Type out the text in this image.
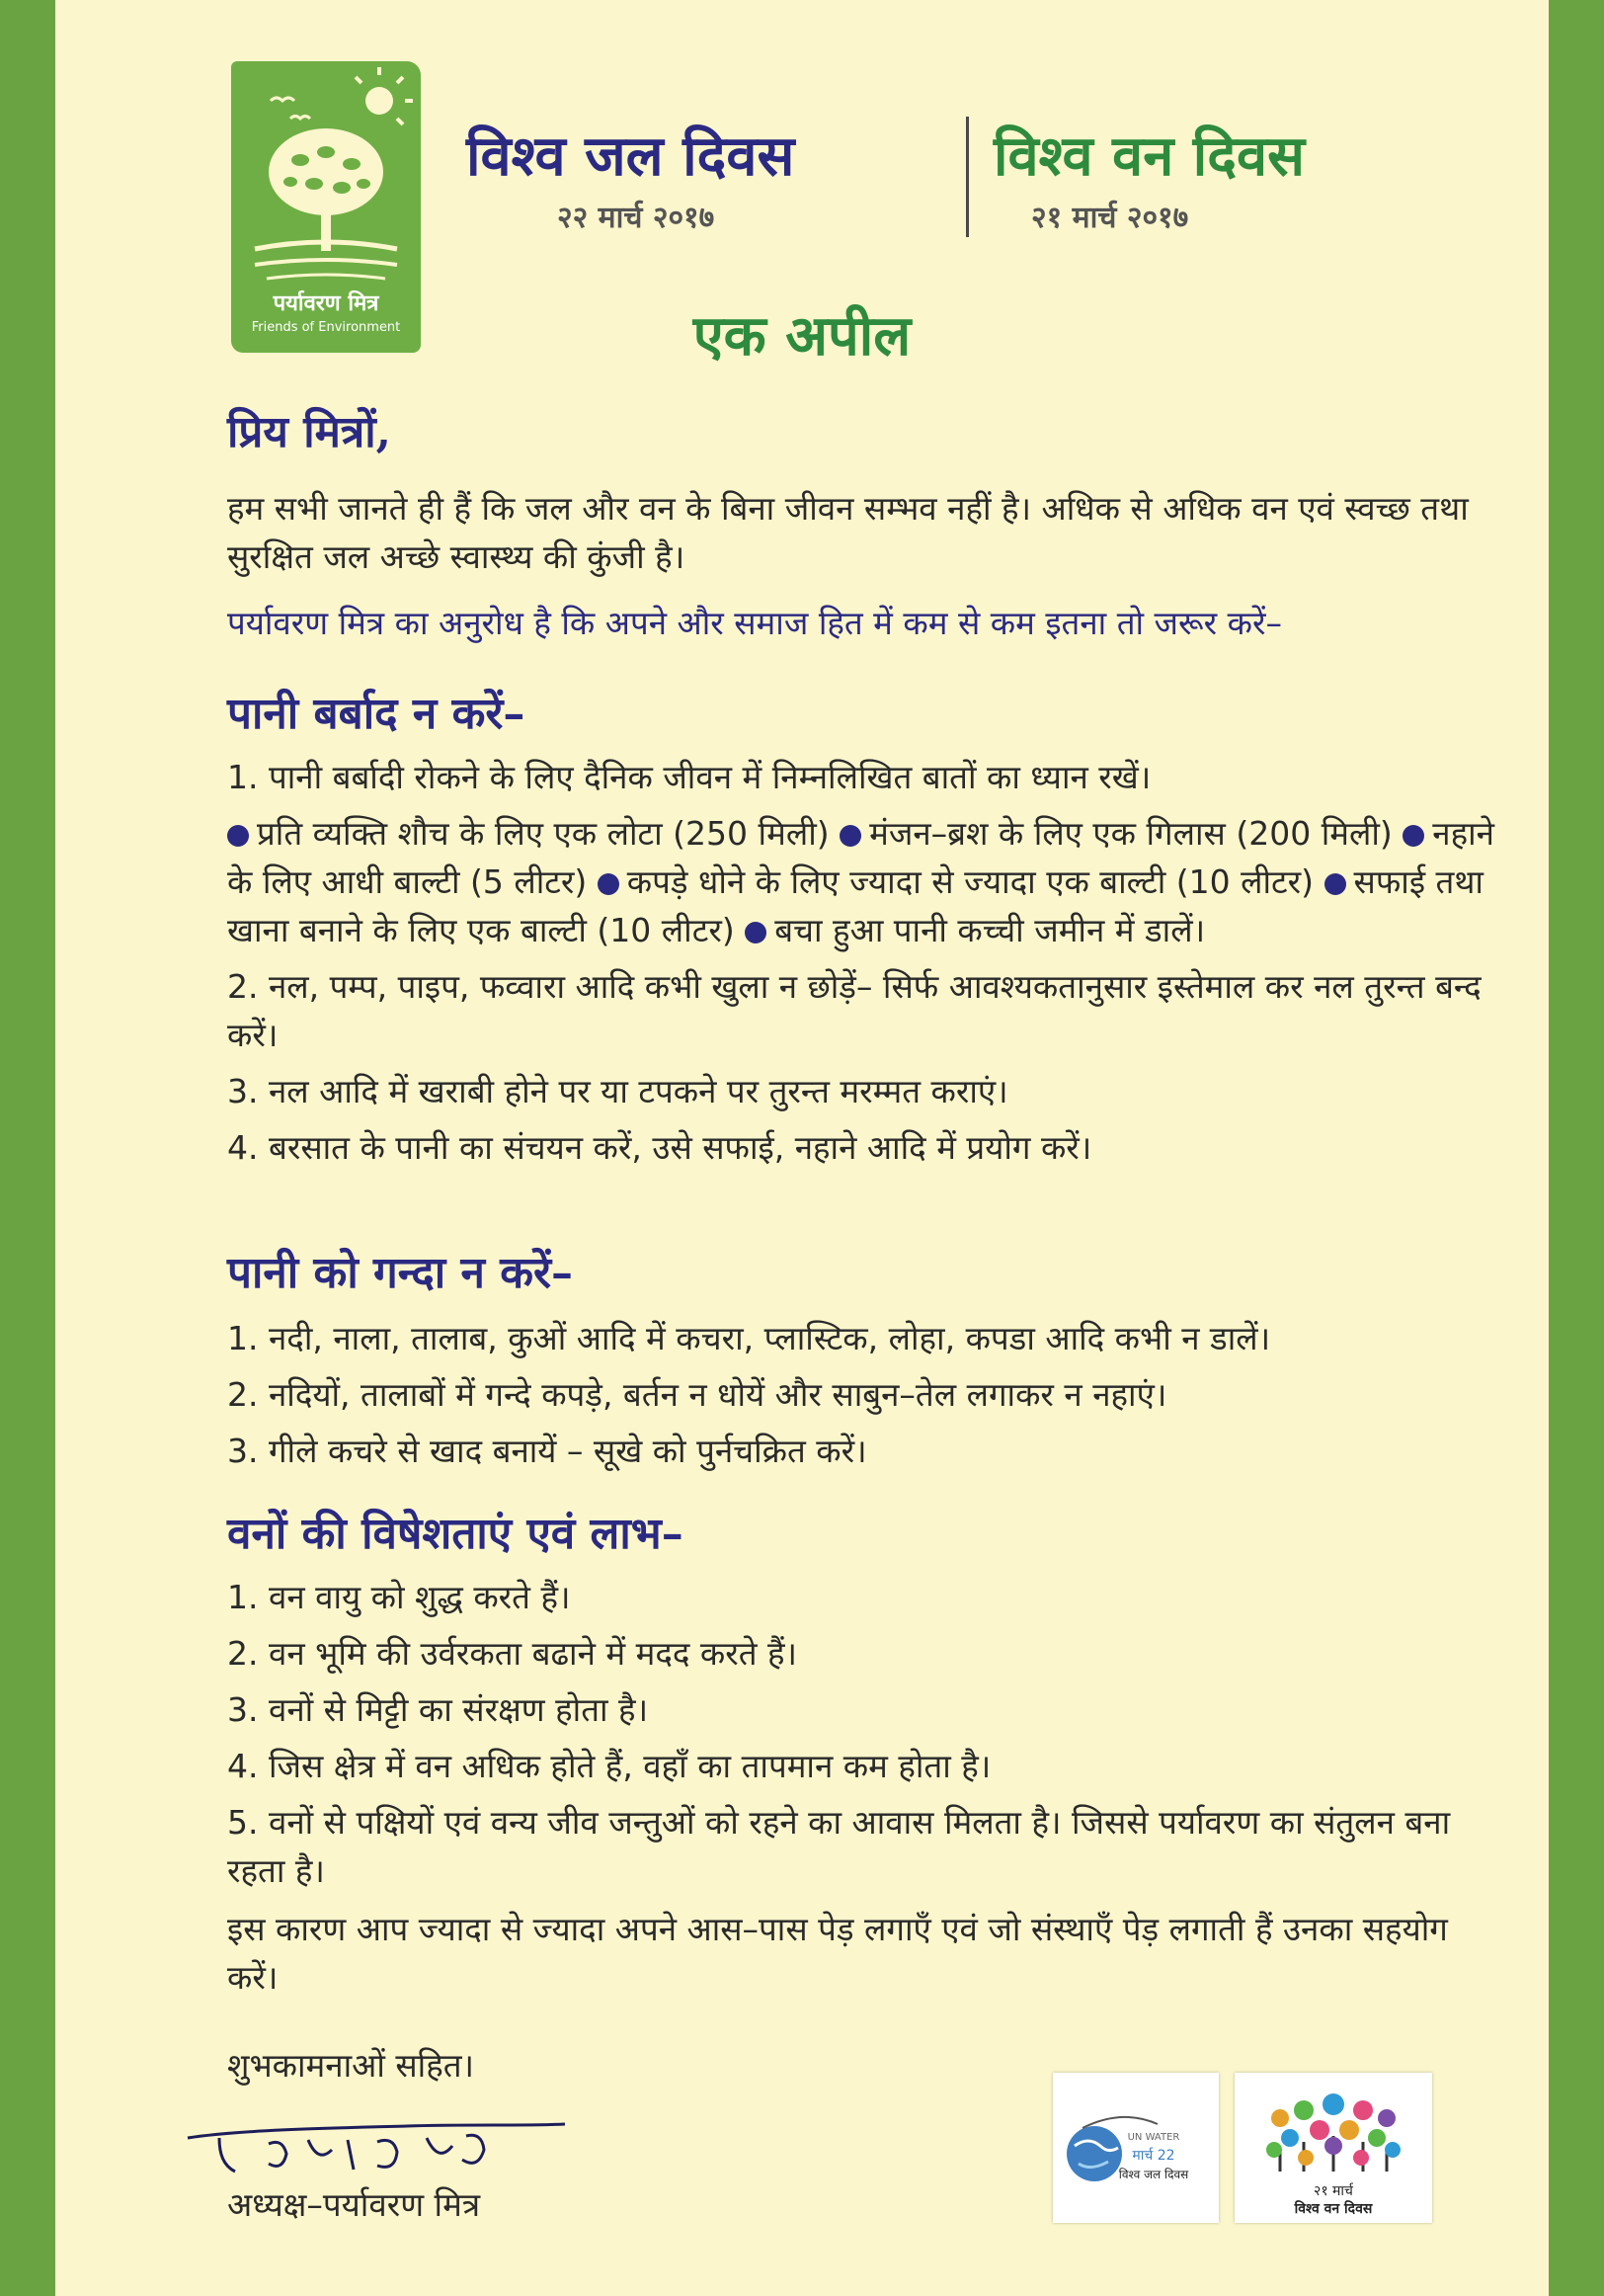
पर्यावरण मित्र
Friends of Environment
विश्व जल दिवस
२२ मार्च २०१७
विश्व वन दिवस
२१ मार्च २०१७
एक अपील
प्रिय मित्रों,

हम सभी जानते ही हैं कि जल और वन के बिना जीवन सम्भव नहीं है। अधिक से अधिक वन एवं स्वच्छ तथा सुरक्षित जल अच्छे स्वास्थ्य की कुंजी है।

पर्यावरण मित्र का अनुरोध है कि अपने और समाज हित में कम से कम इतना तो जरूर करें–

पानी बर्बाद न करें–

1. पानी बर्बादी रोकने के लिए दैनिक जीवन में निम्नलिखित बातों का ध्यान रखें।

प्रति व्यक्ति शौच के लिए एक लोटा (250 मिली) मंजन–ब्रश के लिए एक गिलास (200 मिली) नहाने के लिए आधी बाल्टी (5 लीटर) कपड़े धोने के लिए ज्यादा से ज्यादा एक बाल्टी (10 लीटर) सफाई तथा खाना बनाने के लिए एक बाल्टी (10 लीटर) बचा हुआ पानी कच्ची जमीन में डालें।

2. नल, पम्प, पाइप, फव्वारा आदि कभी खुला न छोड़ें– सिर्फ आवश्यकतानुसार इस्तेमाल कर नल तुरन्त बन्द करें।

3. नल आदि में खराबी होने पर या टपकने पर तुरन्त मरम्मत कराएं।

4. बरसात के पानी का संचयन करें, उसे सफाई, नहाने आदि में प्रयोग करें।

पानी को गन्दा न करें–

1. नदी, नाला, तालाब, कुओं आदि में कचरा, प्लास्टिक, लोहा, कपडा आदि कभी न डालें।

2. नदियों, तालाबों में गन्दे कपड़े, बर्तन न धोयें और साबुन–तेल लगाकर न नहाएं।

3. गीले कचरे से खाद बनायें – सूखे को पुर्नचक्रित करें।

वनों की विषेशताएं एवं लाभ–

1. वन वायु को शुद्ध करते हैं।

2. वन भूमि की उर्वरकता बढाने में मदद करते हैं।

3. वनों से मिट्टी का संरक्षण होता है।

4. जिस क्षेत्र में वन अधिक होते हैं, वहाँ का तापमान कम होता है।

5. वनों से पक्षियों एवं वन्य जीव जन्तुओं को रहने का आवास मिलता है। जिससे पर्यावरण का संतुलन बना रहता है।

इस कारण आप ज्यादा से ज्यादा अपने आस–पास पेड़ लगाएँ एवं जो संस्थाएँ पेड़ लगाती हैं उनका सहयोग करें।

शुभकामनाओं सहित।

अध्यक्ष–पर्यावरण मित्र
UN WATER
मार्च 22
विश्व जल दिवस
२१ मार्च
विश्व वन दिवस
